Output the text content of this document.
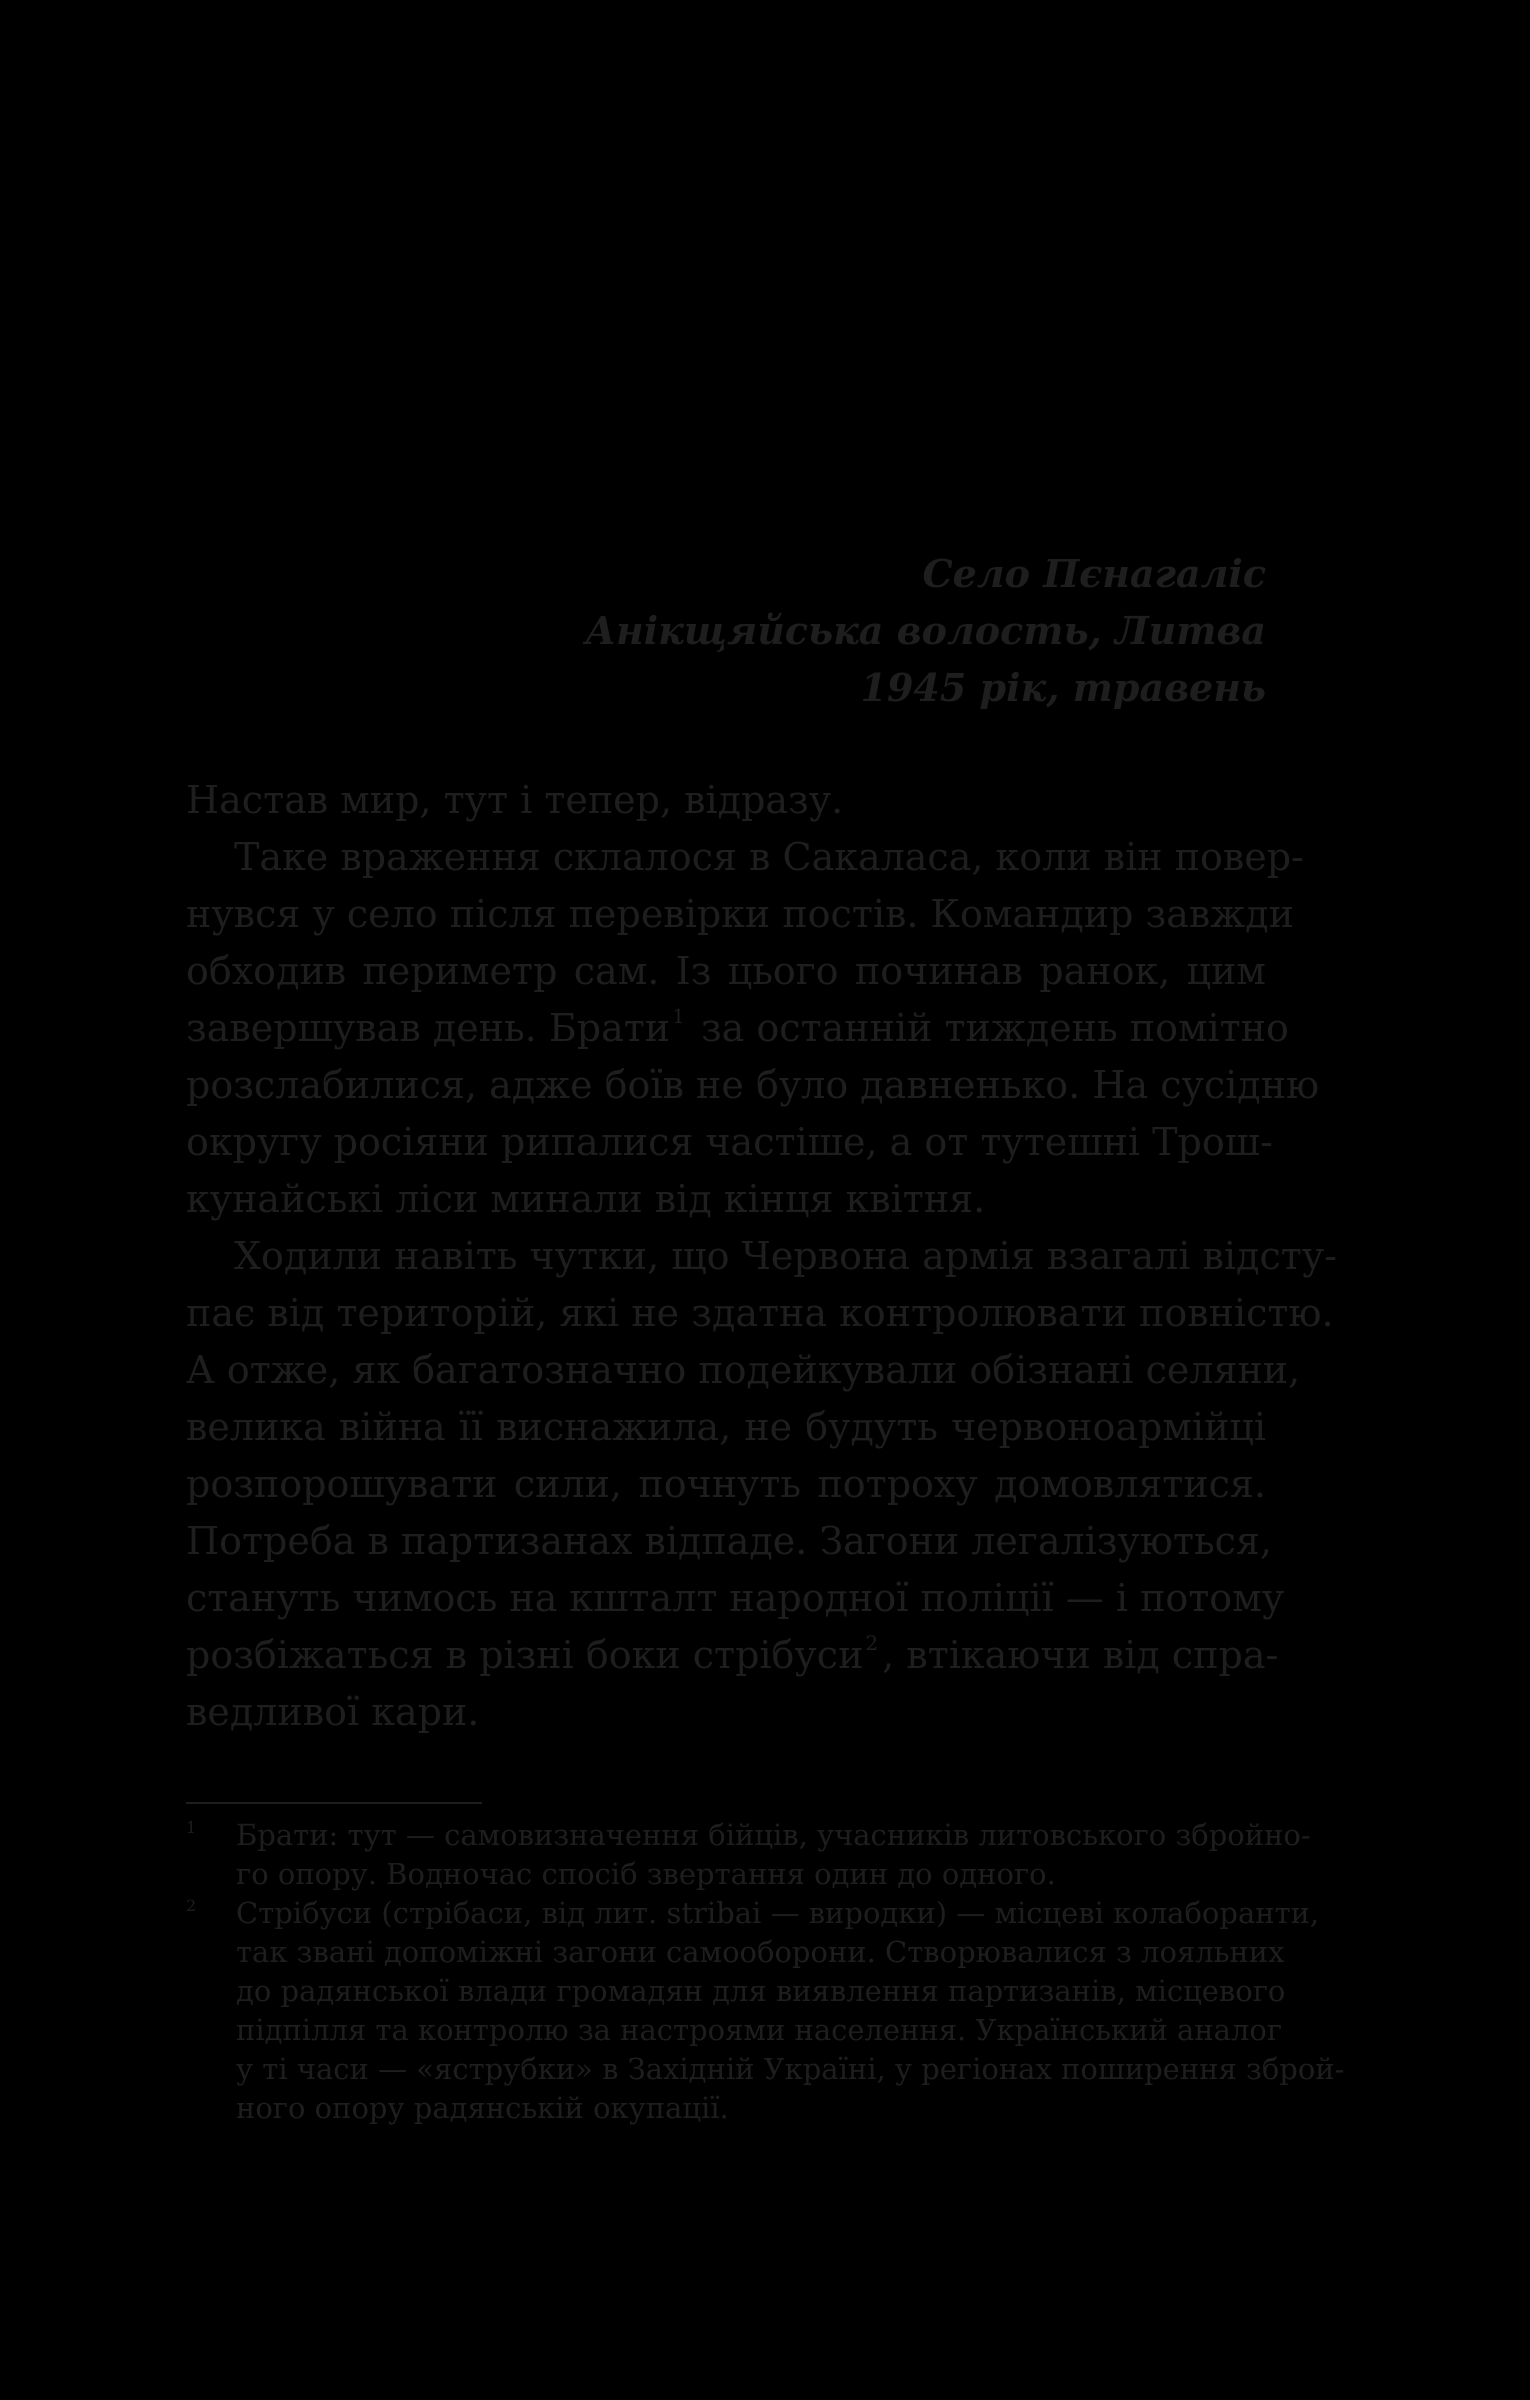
Село Пєнагаліс
Анікщяйська волость, Литва
1945 рік, травень
Настав мир, тут і тепер, відразу.
Таке враження склалося в Сакаласа, коли він повер-
нувся у село після перевірки постів. Командир завжди
обходив периметр сам. Із цього починав ранок, цим
завершував день. Брати $^1$ за останній тиждень помітно
розслабилися, адже боїв не було давненько. На сусідню
округу росіяни рипалися частіше, а от тутешні Трош-
кунайські ліси минали від кінця квітня.
Ходили навіть чутки, що Червона армія взагалі відсту-
пає від територій, які не здатна контролювати повністю.
А отже, як багатозначно подейкували обізнані селяни,
велика війна її виснажила, не будуть червоноармійці
розпорошувати сили, почнуть потроху домовлятися.
Потреба в партизанах відпаде. Загони легалізуються,
стануть чимось на кшталт народної поліції — і потому
розбіжаться в різні боки стрібуси $^2$ , втікаючи від спра-
ведливої кари.
1 Брати: тут — самовизначення бійців, учасників литовського збройно-
го опору. Водночас спосіб звертання один до одного.
2 Стрібуси (стрібаси, від лит. stribai — виродки) — місцеві колаборанти,
так звані допоміжні загони самооборони. Створювалися з лояльних
до радянської влади громадян для виявлення партизанів, місцевого
підпілля та контролю за настроями населення. Український аналог
у ті часи — «яструбки» в Західній Україні, у регіонах поширення зброй-
ного опору радянській окупації.
